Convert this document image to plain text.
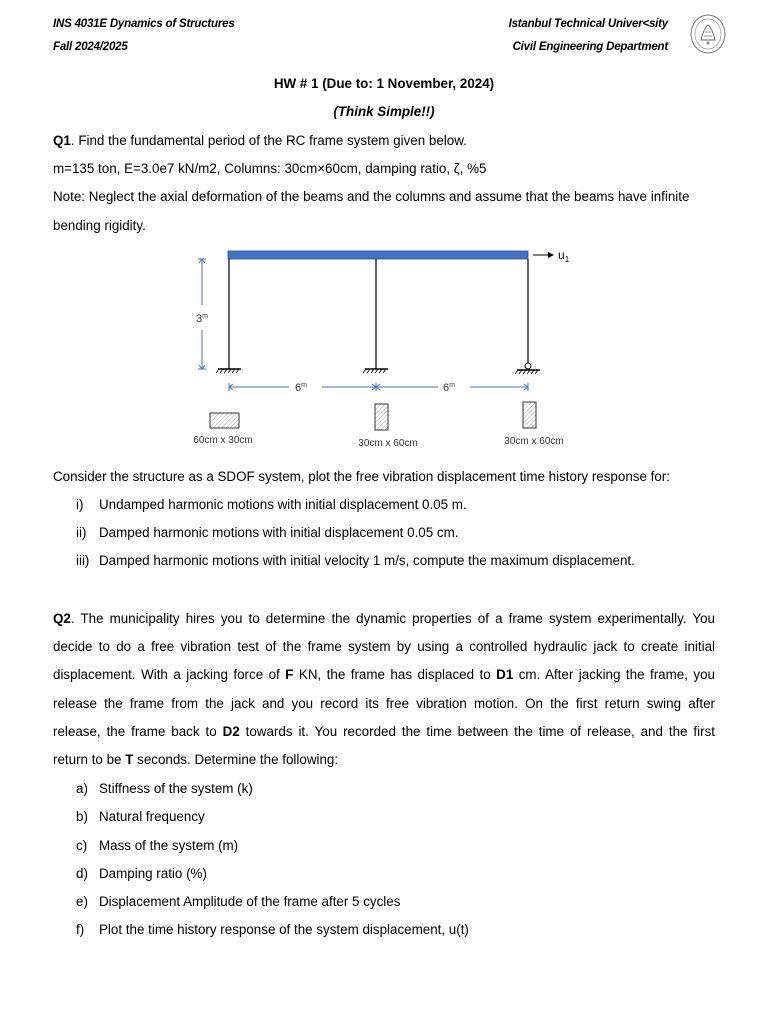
INS 4031E Dynamics of Structures
Fall 2024/2025
Istanbul Technical Univer<sity
Civil Engineering Department
HW # 1 (Due to: 1 November, 2024)
(Think Simple!!)
Q1. Find the fundamental period of the RC frame system given below.
m=135 ton, E=3.0e7 kN/m2, Columns: 30cm×60cm, damping ratio, ζ, %5
Note: Neglect the axial deformation of the beams and the columns and assume that the beams have infinite
bending rigidity.
$u_1$
3$^m$
6$^m$	6$^m$
60cm x 30cm	30cm x 60cm	30cm x 60cm
Consider the structure as a SDOF system, plot the free vibration displacement time history response for:
i) Undamped harmonic motions with initial displacement 0.05 m.
ii) Damped harmonic motions with initial displacement 0.05 cm.
iii) Damped harmonic motions with initial velocity 1 m/s, compute the maximum displacement.
Q2. The municipality hires you to determine the dynamic properties of a frame system experimentally. You
decide to do a free vibration test of the frame system by using a controlled hydraulic jack to create initial
displacement. With a jacking force of F KN, the frame has displaced to D1 cm. After jacking the frame, you
release the frame from the jack and you record its free vibration motion. On the first return swing after
release, the frame back to D2 towards it. You recorded the time between the time of release, and the first
return to be T seconds. Determine the following:
a) Stiffness of the system (k)
b) Natural frequency
c) Mass of the system (m)
d) Damping ratio (%)
e) Displacement Amplitude of the frame after 5 cycles
f) Plot the time history response of the system displacement, u(t)
